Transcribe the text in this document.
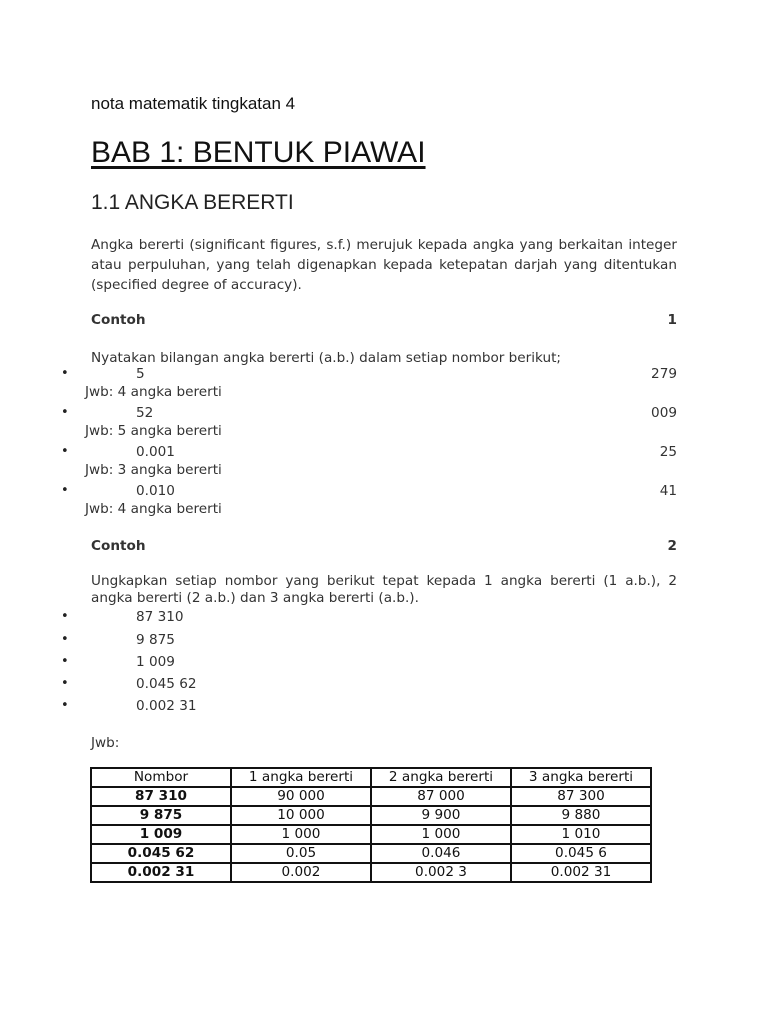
nota matematik tingkatan 4
BAB 1: BENTUK PIAWAI
1.1 ANGKA BERERTI
Angka bererti (significant figures, s.f.) merujuk kepada angka yang berkaitan integer atau perpuluhan, yang telah digenapkan kepada ketepatan darjah yang ditentukan (specified degree of accuracy).
Contoh	1
Nyatakan bilangan angka bererti (a.b.) dalam setiap nombor berikut;
•	5	279
Jwb: 4 angka bererti
•	52	009
Jwb: 5 angka bererti
•	0.001	25
Jwb: 3 angka bererti
•	0.010	41
Jwb: 4 angka bererti
Contoh	2
Ungkapkan setiap nombor yang berikut tepat kepada 1 angka bererti (1 a.b.), 2 angka bererti (2 a.b.) dan 3 angka bererti (a.b.).
•	87 310
•	9 875
•	1 009
•	0.045 62
•	0.002 31
Jwb:
Nombor	1 angka bererti	2 angka bererti	3 angka bererti
87 310	90 000	87 000	87 300
9 875	10 000	9 900	9 880
1 009	1 000	1 000	1 010
0.045 62	0.05	0.046	0.045 6
0.002 31	0.002	0.002 3	0.002 31
